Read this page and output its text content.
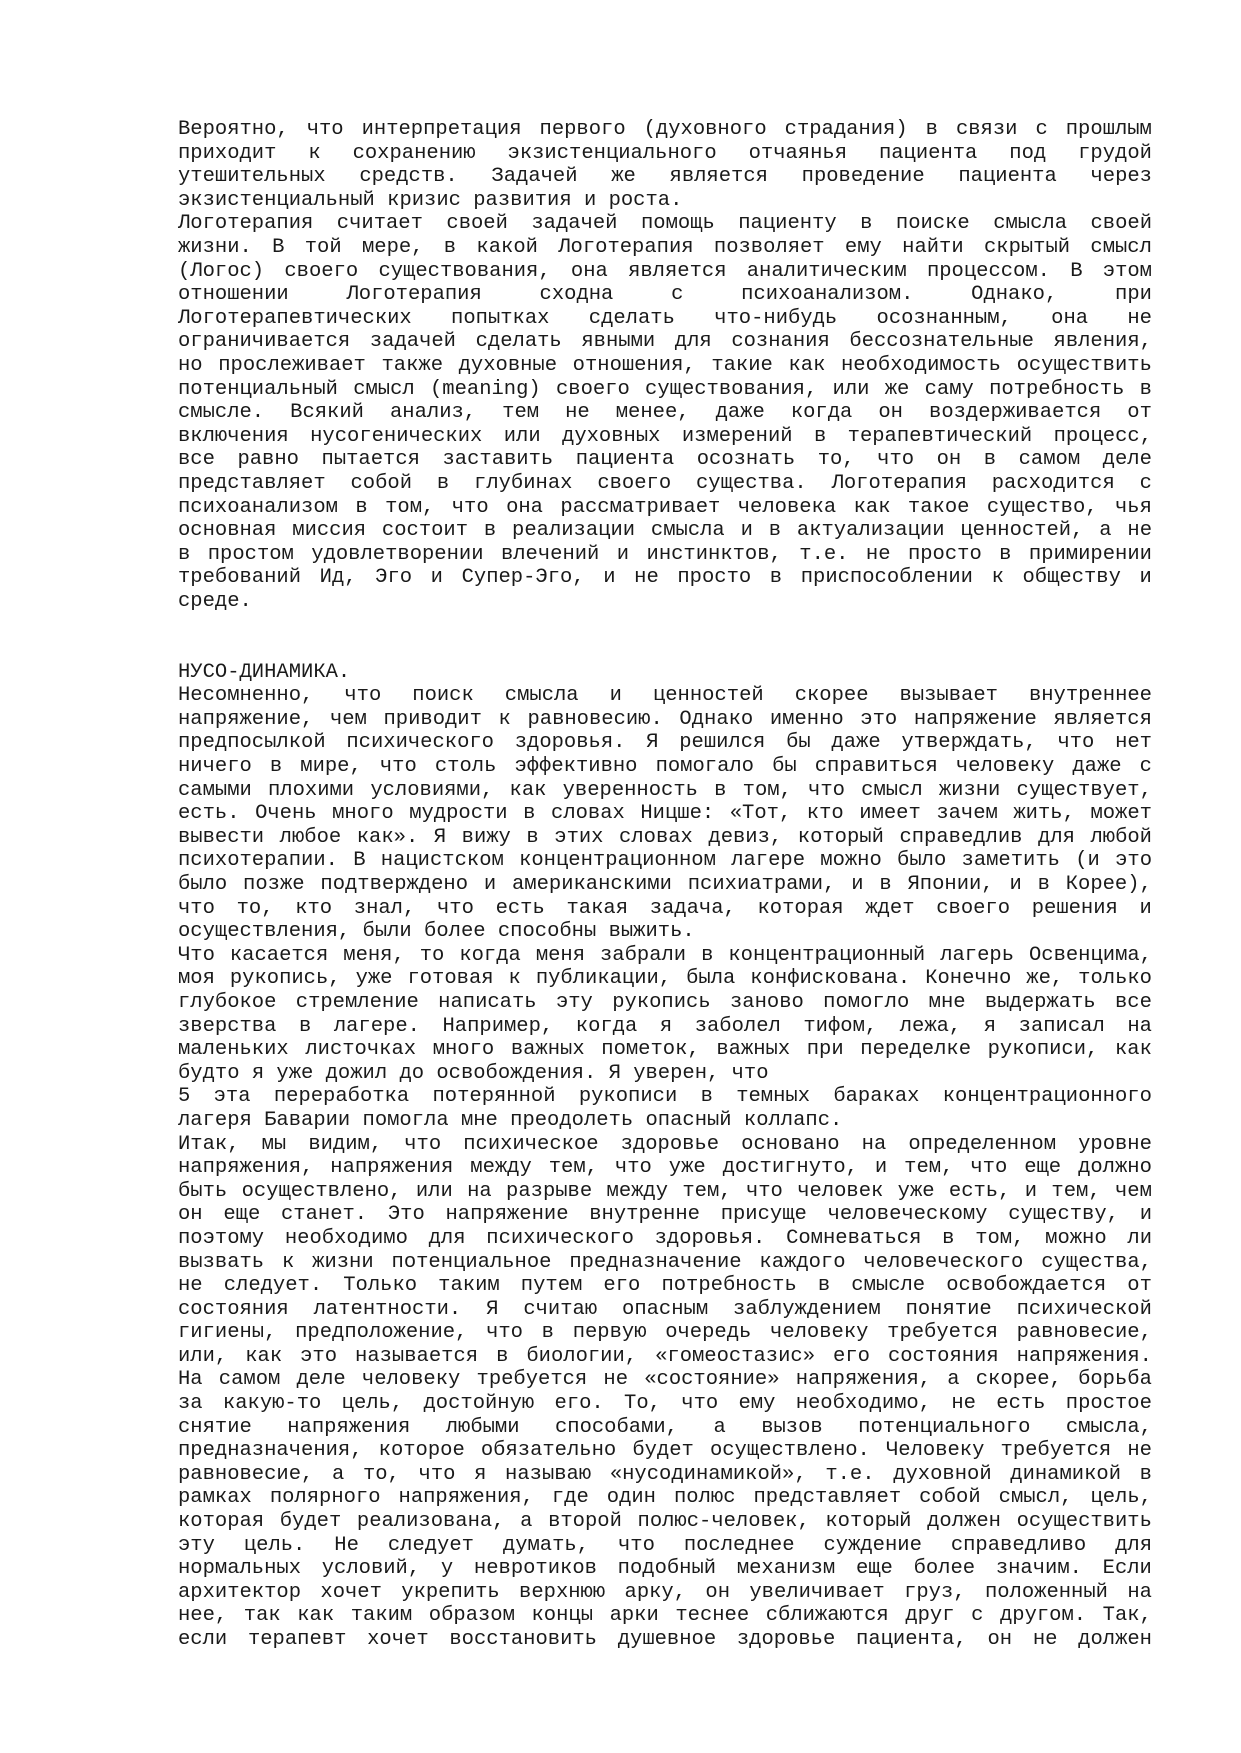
Вероятно, что интерпретация первого (духовного страдания) в связи с прошлым
приходит к сохранению экзистенциального отчаянья пациента под грудой
утешительных средств. Задачей же является проведение пациента через
экзистенциальный кризис развития и роста.
Логотерапия считает своей задачей помощь пациенту в поиске смысла своей
жизни. В той мере, в какой Логотерапия позволяет ему найти скрытый смысл
(Логос) своего существования, она является аналитическим процессом. В этом
отношении	Логотерапия	сходна	с	психоанализом.	Однако,	при
Логотерапевтических попытках сделать что-нибудь осознанным, она не
ограничивается задачей сделать явными для сознания бессознательные явления,
но прослеживает также духовные отношения, такие как необходимость осуществить
потенциальный смысл (meaning) своего существования, или же саму потребность в
смысле. Всякий анализ, тем не менее, даже когда он воздерживается от
включения нусогенических или духовных измерений в терапевтический процесс,
все равно пытается заставить пациента осознать то, что он в самом деле
представляет собой в глубинах своего существа. Логотерапия расходится с
психоанализом в том, что она рассматривает человека как такое существо, чья
основная миссия состоит в реализации смысла и в актуализации ценностей, а не
в простом удовлетворении влечений и инстинктов, т.е. не просто в примирении
требований Ид, Эго и Супер-Эго, и не просто в приспособлении к обществу и
среде.
НУСО-ДИНАМИКА.
Несомненно, что поиск смысла и ценностей скорее вызывает внутреннее
напряжение, чем приводит к равновесию. Однако именно это напряжение является
предпосылкой психического здоровья. Я решился бы даже утверждать, что нет
ничего в мире, что столь эффективно помогало бы справиться человеку даже с
самыми плохими условиями, как уверенность в том, что смысл жизни существует,
есть. Очень много мудрости в словах Ницше: «Тот, кто имеет зачем жить, может
вывести любое как». Я вижу в этих словах девиз, который справедлив для любой
психотерапии. В нацистском концентрационном лагере можно было заметить (и это
было позже подтверждено и американскими психиатрами, и в Японии, и в Корее),
что то, кто знал, что есть такая задача, которая ждет своего решения и
осуществления, были более способны выжить.
Что касается меня, то когда меня забрали в концентрационный лагерь Освенцима,
моя рукопись, уже готовая к публикации, была конфискована. Конечно же, только
глубокое стремление написать эту рукопись заново помогло мне выдержать все
зверства в лагере. Например, когда я заболел тифом, лежа, я записал на
маленьких листочках много важных пометок, важных при переделке рукописи, как
будто я уже дожил до освобождения. Я уверен, что
5 эта переработка потерянной рукописи в темных бараках концентрационного
лагеря Баварии помогла мне преодолеть опасный коллапс.
Итак, мы видим, что психическое здоровье основано на определенном уровне
напряжения, напряжения между тем, что уже достигнуто, и тем, что еще должно
быть осуществлено, или на разрыве между тем, что человек уже есть, и тем, чем
он еще станет. Это напряжение внутренне присуще человеческому существу, и
поэтому необходимо для психического здоровья. Сомневаться в том, можно ли
вызвать к жизни потенциальное предназначение каждого человеческого существа,
не следует. Только таким путем его потребность в смысле освобождается от
состояния латентности. Я считаю опасным заблуждением понятие психической
гигиены, предположение, что в первую очередь человеку требуется равновесие,
или, как это называется в биологии, «гомеостазис» его состояния напряжения.
На самом деле человеку требуется не «состояние» напряжения, а скорее, борьба
за какую-то цель, достойную его. То, что ему необходимо, не есть простое
снятие напряжения любыми способами, а вызов потенциального смысла,
предназначения, которое обязательно будет осуществлено. Человеку требуется не
равновесие, а то, что я называю «нусодинамикой», т.е. духовной динамикой в
рамках полярного напряжения, где один полюс представляет собой смысл, цель,
которая будет реализована, а второй полюс-человек, который должен осуществить
эту цель. Не следует думать, что последнее суждение справедливо для
нормальных условий, у невротиков подобный механизм еще более значим. Если
архитектор хочет укрепить верхнюю арку, он увеличивает груз, положенный на
нее, так как таким образом концы арки теснее сближаются друг с другом. Так,
если терапевт хочет восстановить душевное здоровье пациента, он не должен
